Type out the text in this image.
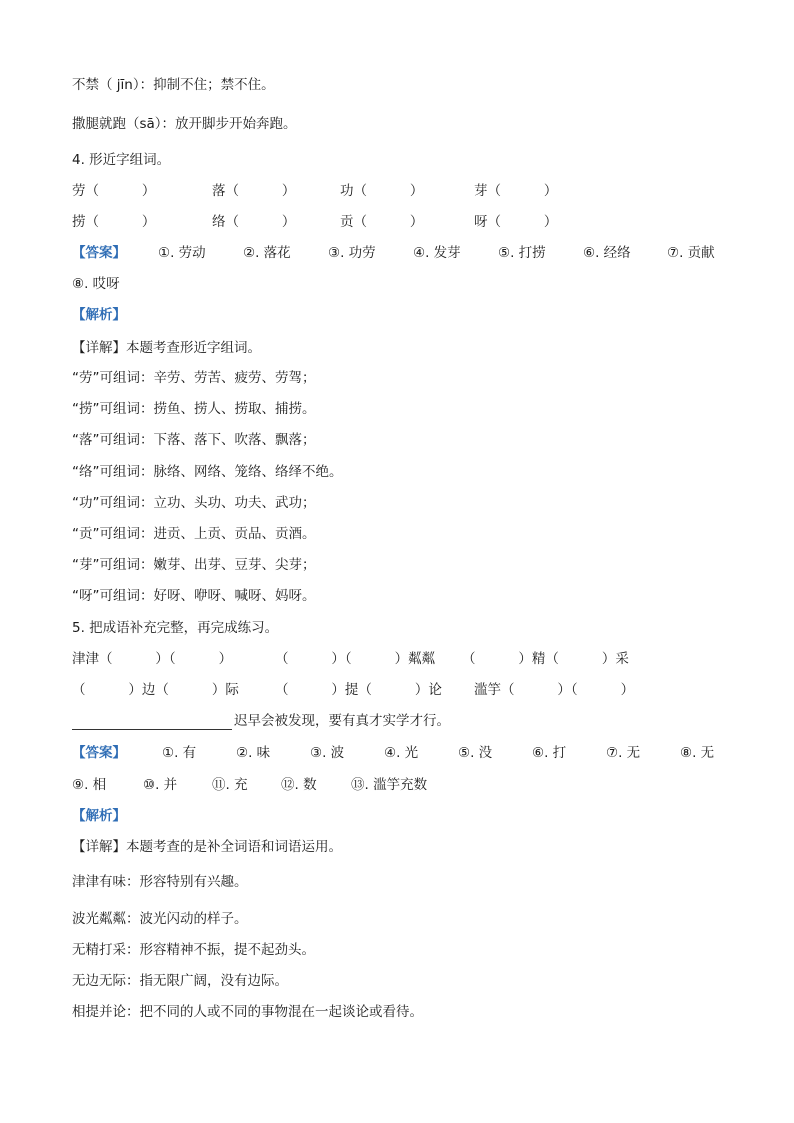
不禁（ jīn）：抑制不住；禁不住。
撒腿就跑（sā）：放开脚步开始奔跑。
4. 形近字组词。
劳（          ）	落（          ）	功（          ）	芽（          ）
捞（          ）	络（          ）	贡（          ）	呀（          ）
【答案】 ①. 劳动	②. 落花	③. 功劳	④. 发芽	⑤. 打捞	⑥. 经络	⑦. 贡献
⑧. 哎呀
【解析】
【详解】本题考查形近字组词。
“劳”可组词：辛劳、劳苦、疲劳、劳驾；
“捞”可组词：捞鱼、捞人、捞取、捕捞。
“落”可组词：下落、落下、吹落、飘落；
“络”可组词：脉络、网络、笼络、络绎不绝。
“功”可组词：立功、头功、功夫、武功；
“贡”可组词：进贡、上贡、贡品、贡酒。
“芽”可组词：嫩芽、出芽、豆芽、尖芽；
“呀”可组词：好呀、咿呀、喊呀、妈呀。
5. 把成语补充完整，再完成练习。
津津（          ）（          ）	（          ）（          ）粼粼 （          ）精（          ）采
（          ）边（          ）际	（          ）提（          ）论 滥竽（          ）（          ）
迟早会被发现，要有真才实学才行。
【答案】	①. 有	②. 味	③. 波	④. 光	⑤. 没	⑥. 打	⑦. 无	⑧. 无
⑨. 相	⑩. 并	⑪. 充 ⑫. 数	⑬. 滥竽充数
【解析】
【详解】本题考查的是补全词语和词语运用。
津津有味：形容特别有兴趣。
波光粼粼：波光闪动的样子。
无精打采：形容精神不振，提不起劲头。
无边无际：指无限广阔，没有边际。
相提并论：把不同的人或不同的事物混在一起谈论或看待。
